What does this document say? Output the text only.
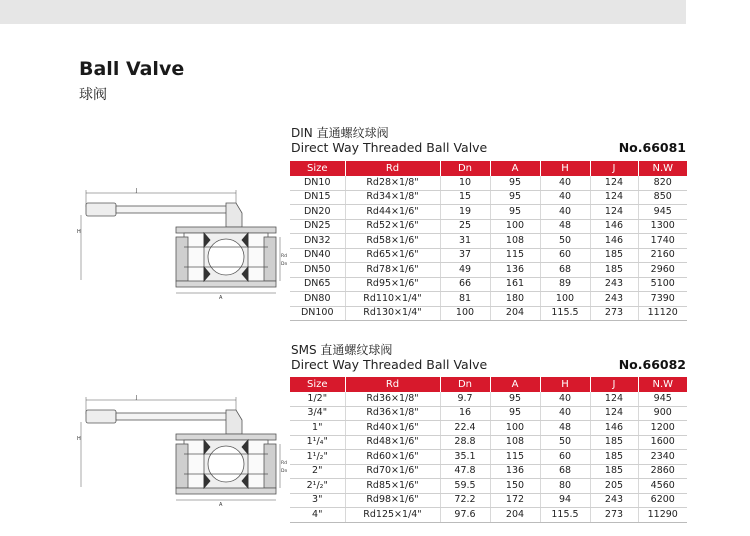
Ball Valve
球阀
DIN 直通螺纹球阀
Direct Way Threaded Ball Valve	No.66081
Size	Rd	Dn	A	H	J	N.W
DN10	Rd28×1/8"	10	95	40	124	820
DN15	Rd34×1/8"	15	95	40	124	850
DN20	Rd44×1/6"	19	95	40	124	945
DN25	Rd52×1/6"	25	100	48	146	1300
DN32	Rd58×1/6"	31	108	50	146	1740
DN40	Rd65×1/6"	37	115	60	185	2160
DN50	Rd78×1/6"	49	136	68	185	2960
DN65	Rd95×1/6"	66	161	89	243	5100
DN80	Rd110×1/4"	81	180	100	243	7390
DN100	Rd130×1/4"	100	204	115.5	273	11120
SMS 直通螺纹球阀
Direct Way Threaded Ball Valve	No.66082
Size	Rd	Dn	A	H	J	N.W
1/2"	Rd36×1/8"	9.7	95	40	124	945
3/4"	Rd36×1/8"	16	95	40	124	900
1"	Rd40×1/6"	22.4	100	48	146	1200
1¹/₄"	Rd48×1/6"	28.8	108	50	185	1600
1¹/₂"	Rd60×1/6"	35.1	115	60	185	2340
2"	Rd70×1/6"	47.8	136	68	185	2860
2¹/₂"	Rd85×1/6"	59.5	150	80	205	4560
3"	Rd98×1/6"	72.2	172	94	243	6200
4"	Rd125×1/4"	97.6	204	115.5	273	11290
J
H
A
Rd
Dn
J
H
A
Rd
Dn
